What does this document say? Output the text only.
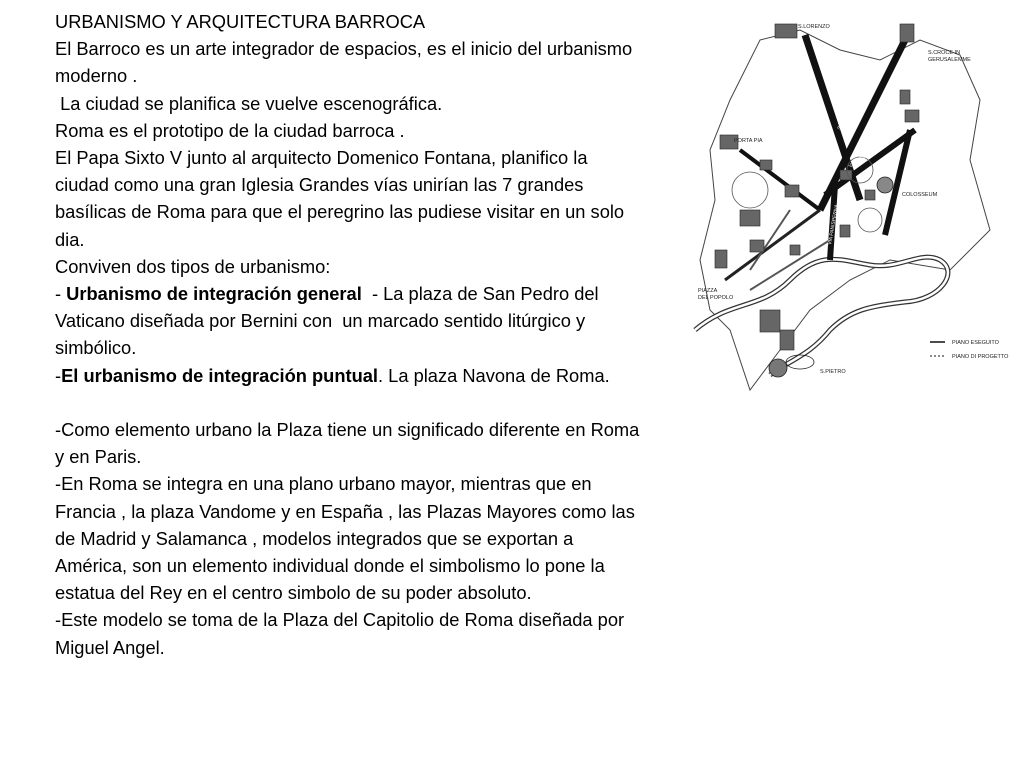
URBANISMO Y ARQUITECTURA BARROCA

El Barroco es un arte integrador de espacios, es el inicio del urbanismo moderno .

La ciudad se planifica se vuelve escenográfica.

Roma es el prototipo de la ciudad barroca .

El Papa Sixto V junto al arquitecto Domenico Fontana, planifico la ciudad como una gran Iglesia Grandes vías unirían las 7 grandes basílicas de Roma para que el peregrino las pudiese visitar en un solo dia.

Conviven dos tipos de urbanismo:

- Urbanismo de integración general  - La plaza de San Pedro del Vaticano diseñada por Bernini con  un marcado sentido litúrgico y simbólico.

-El urbanismo de integración puntual. La plaza Navona de Roma.

-Como elemento urbano la Plaza tiene un significado diferente en Roma y en Paris.

-En Roma se integra en una plano urbano mayor, mientras que en Francia , la plaza Vandome y en España , las Plazas Mayores como las de Madrid y Salamanca , modelos integrados que se exportan a América, son un elemento individual donde el simbolismo lo pone la estatua del Rey en el centro simbolo de su poder absoluto.

-Este modelo se toma de la Plaza del Capitolio de Roma diseñada por Miguel Angel.

STRADA FELICE
VIA GREGORIANA
VIA PANISPERNA
S.LORENZO
S.CROCE IN
GERUSALEMME
PORTA PIA
COLOSSEUM
PIAZZA
DEL POPOLO
S.PIETRO
PIANO ESEGUITO
PIANO DI PROGETTO
